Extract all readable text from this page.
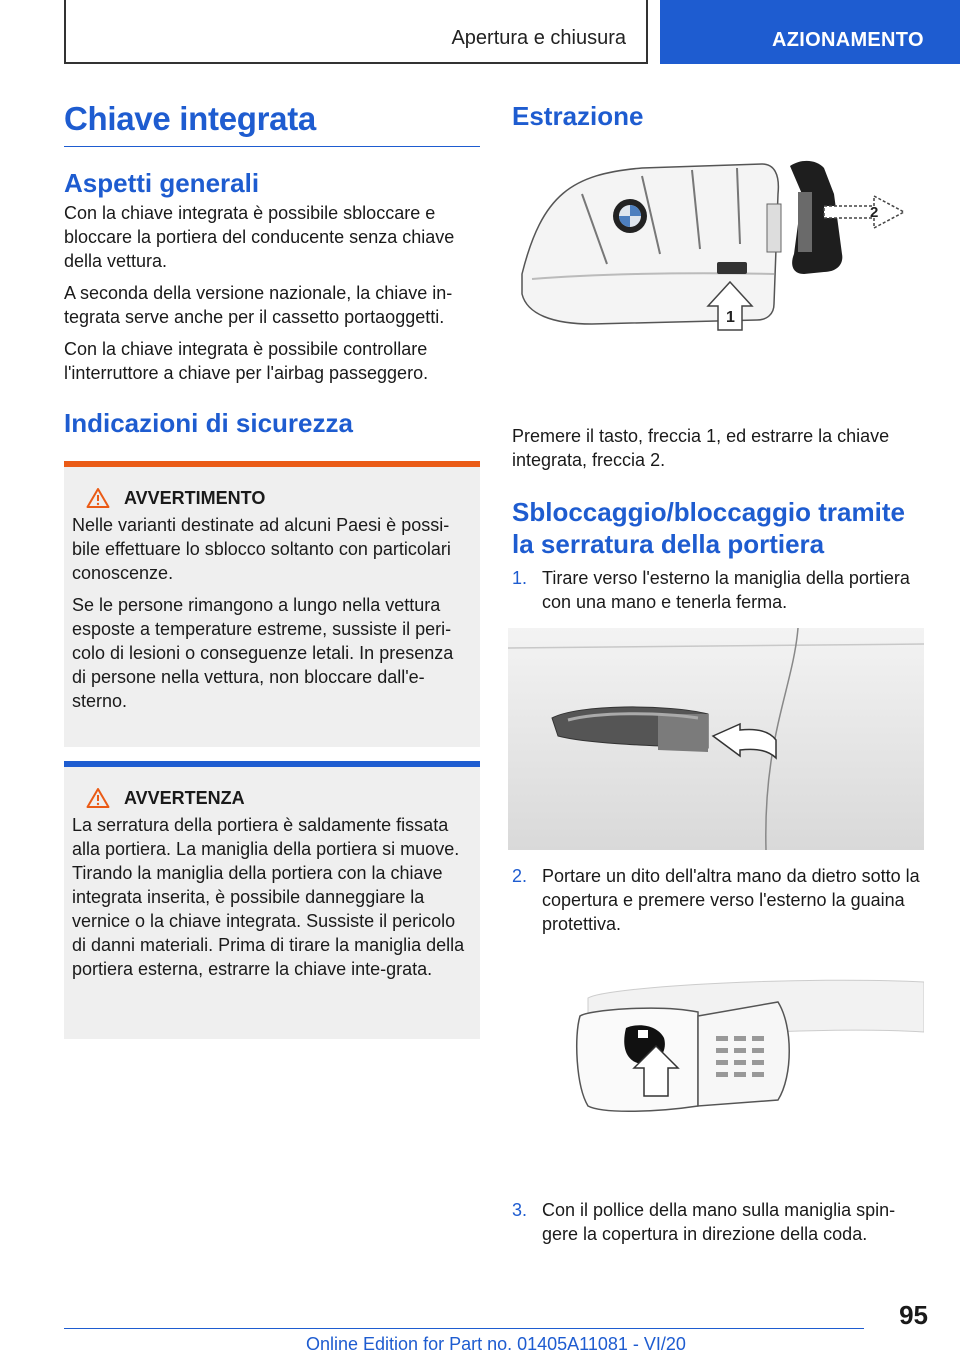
Apertura e chiusura	AZIONAMENTO
Chiave integrata
Aspetti generali

Con la chiave integrata è possibile sbloccare e bloccare la portiera del conducente senza chiave della vettura.

A seconda della versione nazionale, la chiave in-tegrata serve anche per il cassetto portaoggetti.

Con la chiave integrata è possibile controllare l'interruttore a chiave per l'airbag passeggero.

Indicazioni di sicurezza
AVVERTIMENTO

Nelle varianti destinate ad alcuni Paesi è possi-bile effettuare lo sblocco soltanto con particolari conoscenze.

Se le persone rimangono a lungo nella vettura esposte a temperature estreme, sussiste il peri-colo di lesioni o conseguenze letali. In presenza di persone nella vettura, non bloccare dall'e-sterno.

AVVERTENZA

La serratura della portiera è saldamente fissata alla portiera. La maniglia della portiera si muove. Tirando la maniglia della portiera con la chiave integrata inserita, è possibile danneggiare la vernice o la chiave integrata. Sussiste il pericolo di danni materiali. Prima di tirare la maniglia della portiera esterna, estrarre la chiave inte-grata.

Estrazione
2
1

Premere il tasto, freccia 1, ed estrarre la chiave integrata, freccia 2.

Sbloccaggio/bloccaggio tramite la serratura della portiera
1. Tirare verso l'esterno la maniglia della portiera con una mano e tenerla ferma.
2. Portare un dito dell'altra mano da dietro sotto la copertura e premere verso l'esterno la guaina protettiva.
3. Con il pollice della mano sulla maniglia spin-gere la copertura in direzione della coda.
95
Online Edition for Part no. 01405A11081 - VI/20
